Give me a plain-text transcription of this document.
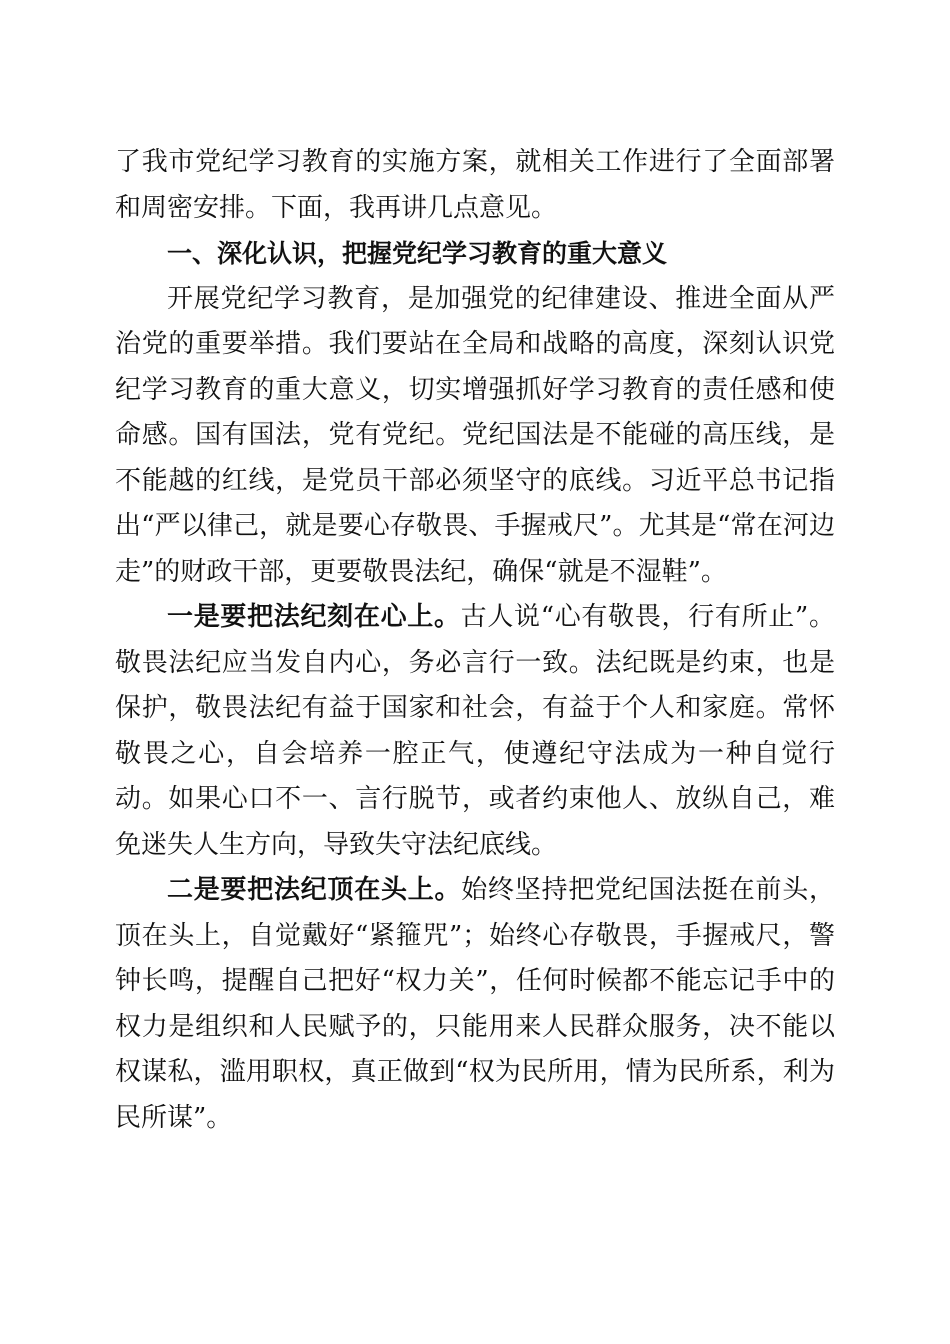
了我市党纪学习教育的实施方案，就相关工作进行了全面部署和周密安排。下面，我再讲几点意见。

一、深化认识，把握党纪学习教育的重大意义

开展党纪学习教育，是加强党的纪律建设、推进全面从严治党的重要举措。我们要站在全局和战略的高度，深刻认识党纪学习教育的重大意义，切实增强抓好学习教育的责任感和使命感。国有国法，党有党纪。党纪国法是不能碰的高压线，是不能越的红线，是党员干部必须坚守的底线。习近平总书记指出“严以律己，就是要心存敬畏、手握戒尺”。尤其是“常在河边走”的财政干部，更要敬畏法纪，确保“就是不湿鞋”。

一是要把法纪刻在心上。古人说“心有敬畏，行有所止”。敬畏法纪应当发自内心，务必言行一致。法纪既是约束，也是保护，敬畏法纪有益于国家和社会，有益于个人和家庭。常怀敬畏之心，自会培养一腔正气，使遵纪守法成为一种自觉行动。如果心口不一、言行脱节，或者约束他人、放纵自己，难免迷失人生方向，导致失守法纪底线。

二是要把法纪顶在头上。始终坚持把党纪国法挺在前头，顶在头上，自觉戴好“紧箍咒”；始终心存敬畏，手握戒尺，警钟长鸣，提醒自己把好“权力关”，任何时候都不能忘记手中的权力是组织和人民赋予的，只能用来人民群众服务，决不能以权谋私，滥用职权，真正做到“权为民所用，情为民所系，利为民所谋”。
